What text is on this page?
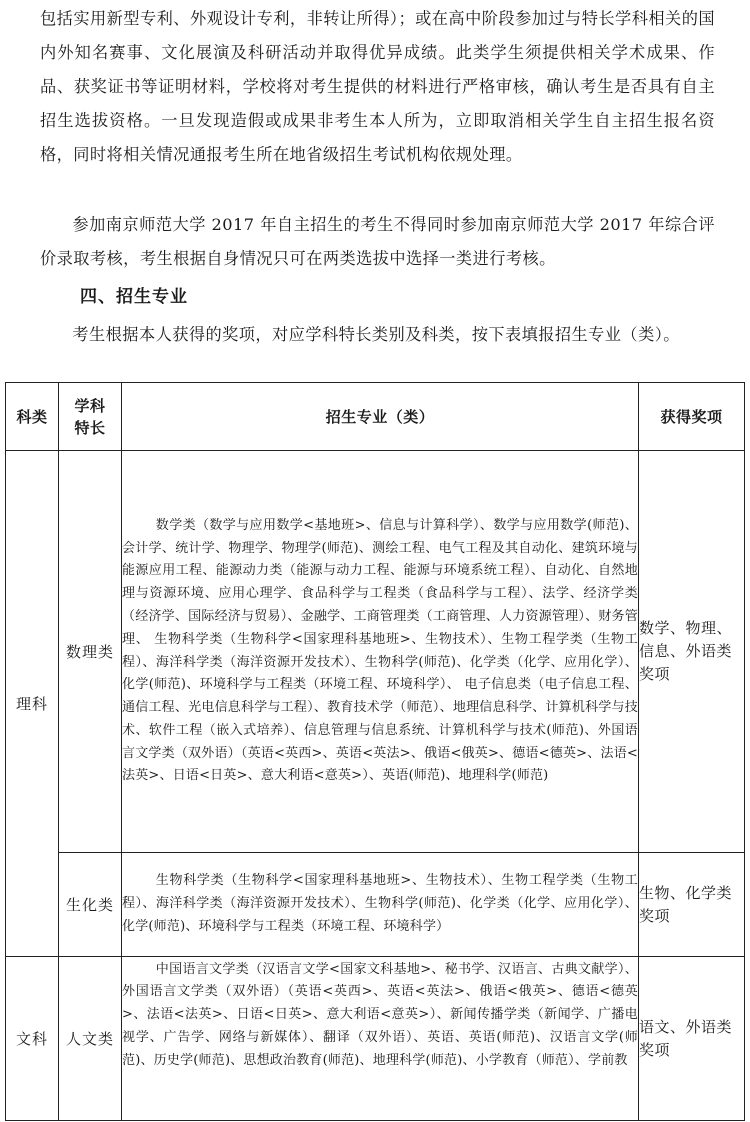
包括实用新型专利、外观设计专利，非转让所得）；或在高中阶段参加过与特长学科相关的国内外知名赛事、文化展演及科研活动并取得优异成绩。此类学生须提供相关学术成果、作品、获奖证书等证明材料，学校将对考生提供的材料进行严格审核，确认考生是否具有自主招生选拔资格。一旦发现造假或成果非考生本人所为，立即取消相关学生自主招生报名资格，同时将相关情况通报考生所在地省级招生考试机构依规处理。

参加南京师范大学 2017 年自主招生的考生不得同时参加南京师范大学 2017 年综合评价录取考核，考生根据自身情况只可在两类选拔中选择一类进行考核。

四、招生专业

考生根据本人获得的奖项，对应学科特长类别及科类，按下表填报招生专业（类）。

科类	学科特长	招生专业（类）	获得奖项
理科	数理类	数学类（数学与应用数学<基地班>、信息与计算科学）、数学与应用数学(师范)、会计学、统计学、物理学、物理学(师范)、测绘工程、电气工程及其自动化、建筑环境与能源应用工程、能源动力类（能源与动力工程、能源与环境系统工程）、自动化、自然地理与资源环境、应用心理学、食品科学与工程类（食品科学与工程）、法学、经济学类（经济学、国际经济与贸易）、金融学、工商管理类（工商管理、人力资源管理）、财务管理、 生物科学类（生物科学<国家理科基地班>、生物技术）、生物工程学类（生物工程）、海洋科学类（海洋资源开发技术）、生物科学(师范)、化学类（化学、应用化学）、化学(师范)、环境科学与工程类（环境工程、环境科学）、 电子信息类（电子信息工程、通信工程、光电信息科学与工程）、教育技术学（师范）、地理信息科学、计算机科学与技术、软件工程（嵌入式培养）、信息管理与信息系统、计算机科学与技术(师范)、外国语言文学类（双外语）（英语<英西>、英语<英法>、俄语<俄英>、德语<德英>、法语<法英>、日语<日英>、意大利语<意英>）、英语(师范)、地理科学(师范)	数学、物理、信息、外语类奖项
	生化类	生物科学类（生物科学<国家理科基地班>、生物技术）、生物工程学类（生物工程）、海洋科学类（海洋资源开发技术）、生物科学(师范)、化学类（化学、应用化学）、化学(师范)、环境科学与工程类（环境工程、环境科学）	生物、化学类奖项
文科	人文类	中国语言文学类（汉语言文学<国家文科基地>、秘书学、汉语言、古典文献学）、外国语言文学类（双外语）（英语<英西>、英语<英法>、俄语<俄英>、德语<德英>、法语<法英>、日语<日英>、意大利语<意英>）、新闻传播学类（新闻学、广播电视学、广告学、网络与新媒体）、翻译（双外语）、英语、英语(师范)、汉语言文学(师范)、历史学(师范)、思想政治教育(师范)、地理科学(师范)、小学教育（师范）、学前教	语文、外语类奖项
